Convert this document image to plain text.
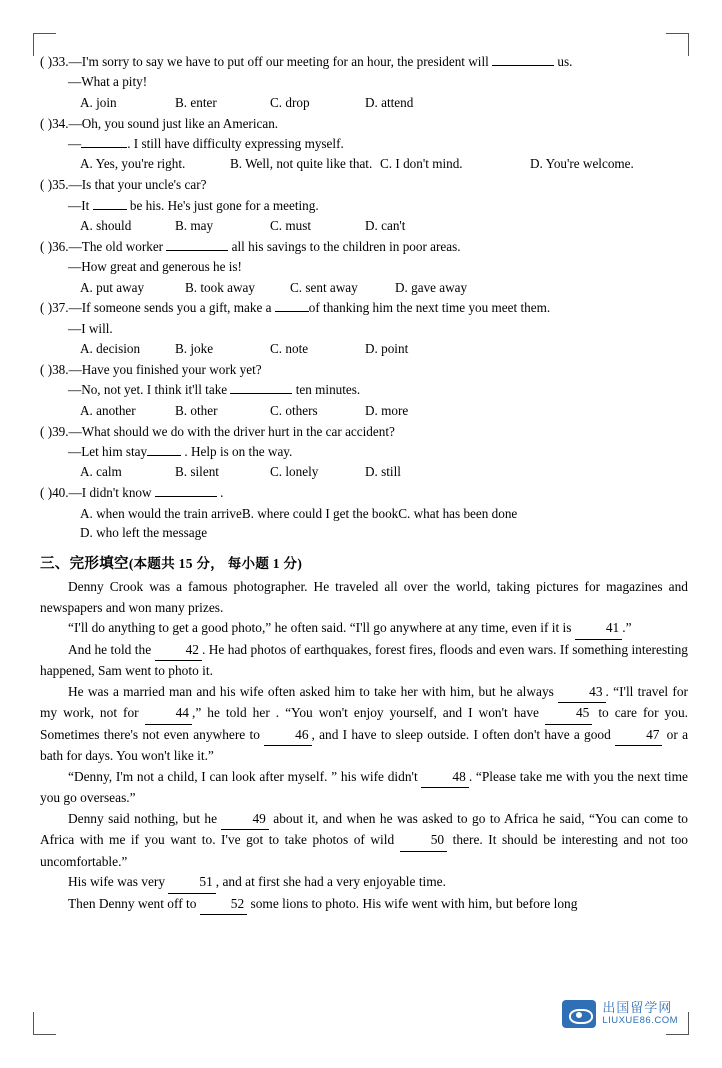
( )33.—I'm sorry to say we have to put off our meeting for an hour, the president will	us.
—What a pity!
A. join	B. enter	C. drop	D. attend
( )34.—Oh, you sound just like an American.
—	. I still have difficulty expressing myself.
A. Yes, you're right.	B. Well, not quite like that. C. I don't mind.	D. You're welcome.
( )35.—Is that your uncle's car?
—It	be his. He's just gone for a meeting.
A. should	B. may	C. must	D. can't
( )36.—The old worker	all his savings to the children in poor areas.
—How great and generous he is!
A. put away	B. took away	C. sent away	D. gave away
( )37.—If someone sends you a gift, make a	of thanking him the next time you meet them.
—I will.
A. decision	B. joke	C. note	D. point
( )38.—Have you finished your work yet?
—No, not yet. I think it'll take	ten minutes.
A. another	B. other	C. others	D. more
( )39.—What should we do with the driver hurt in the car accident?
—Let him stay	. Help is on the way.
A. calm	B. silent	C. lonely	D. still
( )40.—I didn't know	.
A. when would the train arriveB. where could I get the bookC. what has been doneD. who left the message
三、完形填空(本题共 15 分， 每小题 1 分)
Denny Crook was a famous photographer. He traveled all over the world, taking pictures for magazines and newspapers and won many prizes.
“I'll do anything to get a good photo,” he often said. “I'll go anywhere at any time, even if it is 41 .”
And he told the 42 . He had photos of earthquakes, forest fires, floods and even wars. If something interesting happened, Sam went to photo it.
He was a married man and his wife often asked him to take her with him, but he always 43 . “I'll travel for my work, not for 44 ,” he told her . “You won't enjoy yourself, and I won't have 45 to care for you. Sometimes there's not even anywhere to 46 , and I have to sleep outside. I often don't have a good 47 or a bath for days. You won't like it.”
“Denny, I'm not a child, I can look after myself. ” his wife didn't 48 . “Please take me with you the next time you go overseas.”
Denny said nothing, but he 49 about it, and when he was asked to go to Africa he said, “You can come to Africa with me if you want to. I've got to take photos of wild 50 there. It should be interesting and not too uncomfortable.”
His wife was very 51 , and at first she had a very enjoyable time.
Then Denny went off to 52 some lions to photo. His wife went with him, but before long
出国留学网
LIUXUE86.COM
